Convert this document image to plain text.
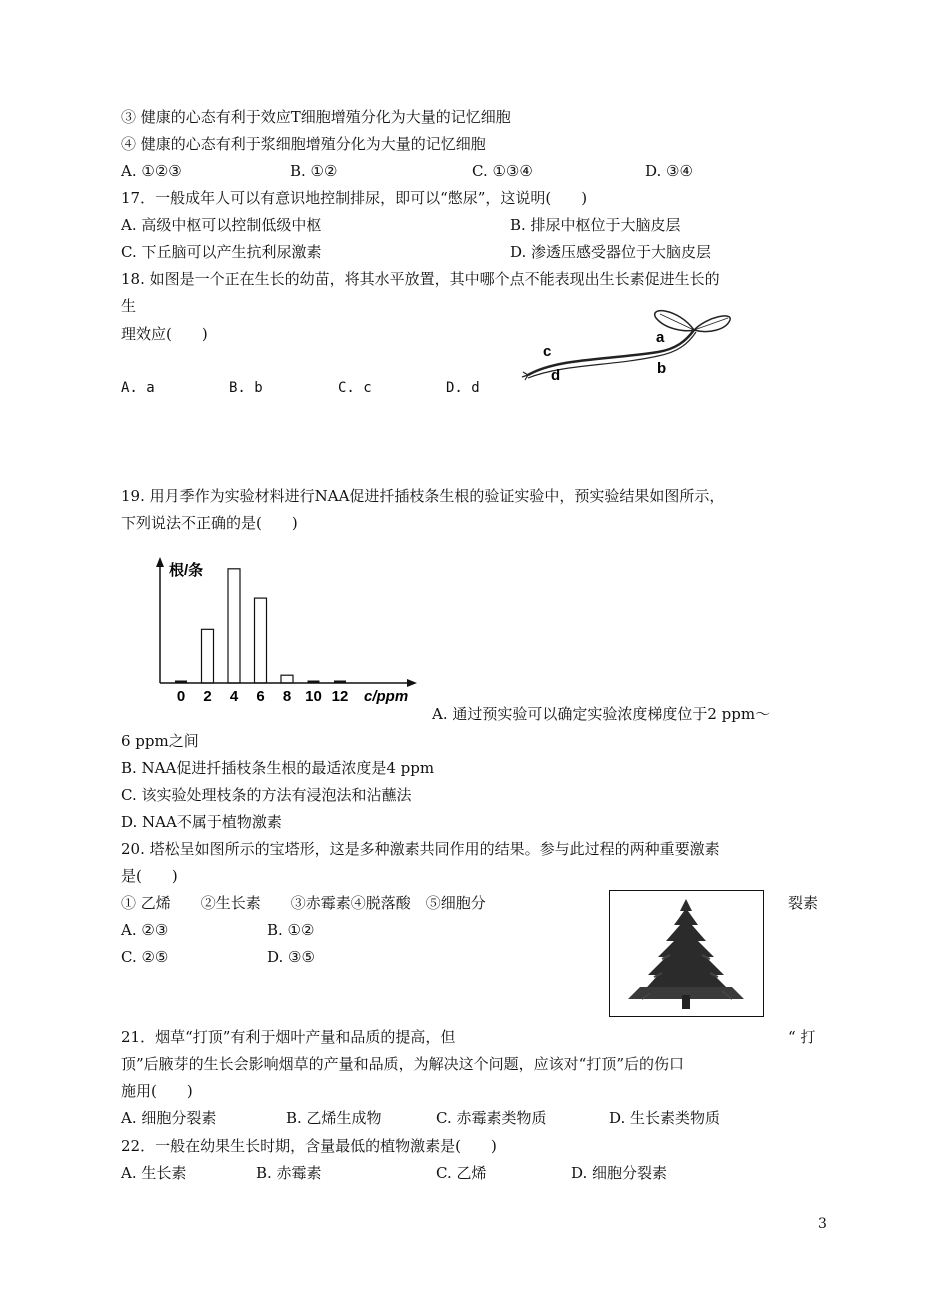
③ 健康的心态有利于效应T细胞增殖分化为大量的记忆细胞
④ 健康的心态有利于浆细胞增殖分化为大量的记忆细胞
A. ①②③	B. ①②	C. ①③④	D. ③④
17．一般成年人可以有意识地控制排尿，即可以“憋尿”，这说明(　　)
A. 高级中枢可以控制低级中枢	B. 排尿中枢位于大脑皮层
C. 下丘脑可以产生抗利尿激素	D. 渗透压感受器位于大脑皮层
18. 如图是一个正在生长的幼苗，将其水平放置，其中哪个点不能表现出生长素促进生长的
生
理效应(　　)	a
b
c
d
A. a	B. b	C. c	D. d
19. 用月季作为实验材料进行NAA促进扦插枝条生根的验证实验中，预实验结果如图所示，
下列说法不正确的是(　　)
根/条
c/ppm
0 2 4 6 8 10 12
A. 通过预实验可以确定实验浓度梯度位于2 ppm～
6 ppm之间
B. NAA促进扦插枝条生根的最适浓度是4 ppm
C. 该实验处理枝条的方法有浸泡法和沾蘸法
D. NAA不属于植物激素
20. 塔松呈如图所示的宝塔形，这是多种激素共同作用的结果。参与此过程的两种重要激素
是(　　)
① 乙烯　　②生长素　　③赤霉素④脱落酸　⑤细胞分	裂素
A. ②③	B. ①②
C. ②⑤	D. ③⑤
21．烟草“打顶”有利于烟叶产量和品质的提高，但	“ 打
顶”后腋芽的生长会影响烟草的产量和品质，为解决这个问题，应该对“打顶”后的伤口
施用(　　)
A. 细胞分裂素	B. 乙烯生成物	C. 赤霉素类物质	D. 生长素类物质
22．一般在幼果生长时期，含量最低的植物激素是(　　)
A. 生长素	B. 赤霉素	C. 乙烯	D. 细胞分裂素
3
